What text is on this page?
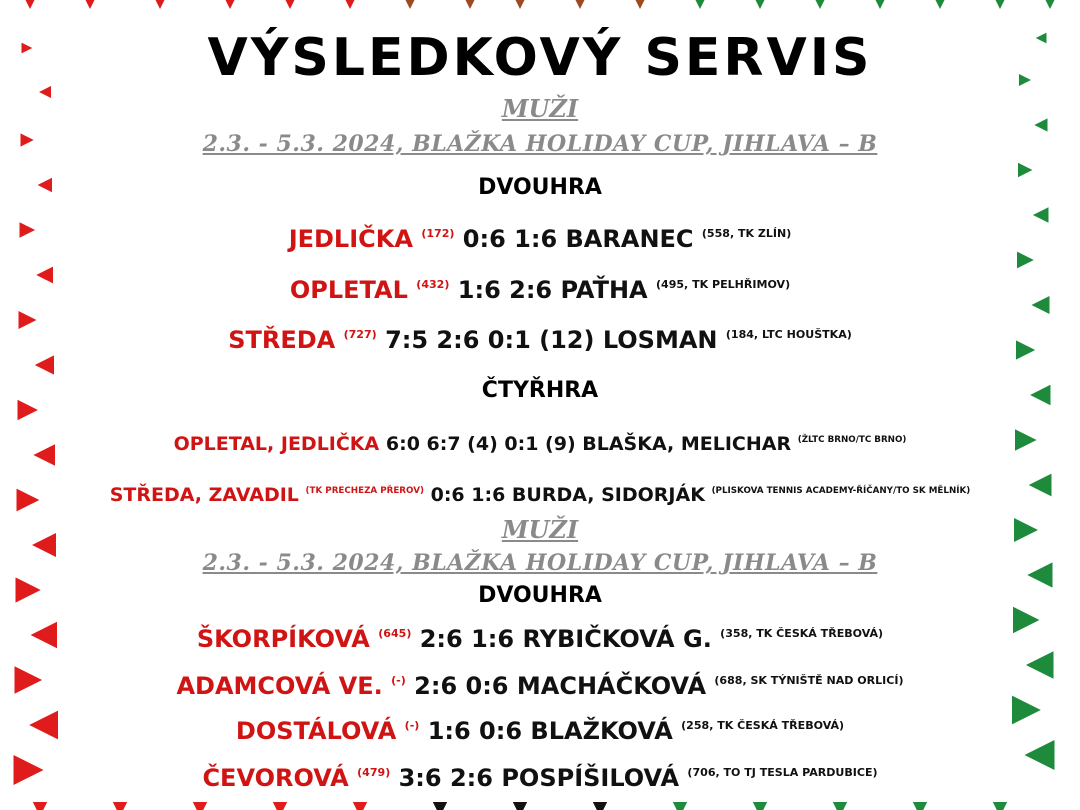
VÝSLEDKOVÝ SERVIS
MUŽI
2.3. - 5.3. 2024, BLAŽKA HOLIDAY CUP, JIHLAVA – B
DVOUHRA
JEDLIČKA $^{(172)}$ 0:6 1:6 BARANEC $^{(558, TK ZLÍN)}$
OPLETAL $^{(432)}$ 1:6 2:6 PAŤHA $^{(495, TK PELHŘIMOV)}$
STŘEDA $^{(727)}$ 7:5 2:6 0:1 (12) LOSMAN $^{(184, LTC HOUŠTKA)}$
ČTYŘHRA
OPLETAL, JEDLIČKA 6:0 6:7 (4) 0:1 (9) BLAŠKA, MELICHAR $^{(ŽLTC BRNO/TC BRNO)}$
STŘEDA, ZAVADIL $^{(TK PRECHEZA PŘEROV)}$ 0:6 1:6 BURDA, SIDORJÁK $^{(PLISKOVA TENNIS ACADEMY-ŘÍČANY/TO SK MĚLNÍK)}$
MUŽI
2.3. - 5.3. 2024, BLAŽKA HOLIDAY CUP, JIHLAVA – B
DVOUHRA
ŠKORPÍKOVÁ $^{(645)}$ 2:6 1:6 RYBIČKOVÁ G. $^{(358, TK ČESKÁ TŘEBOVÁ)}$
ADAMCOVÁ VE. (-) 2:6 0:6 MACHÁČKOVÁ $^{(688, SK TÝNIŠTĚ NAD ORLICÍ)}$
DOSTÁLOVÁ (-) 1:6 0:6 BLAŽKOVÁ $^{(258, TK ČESKÁ TŘEBOVÁ)}$
ČEVOROVÁ $^{(479)}$ 3:6 2:6 POSPÍŠILOVÁ $^{(706, TO TJ TESLA PARDUBICE)}$
